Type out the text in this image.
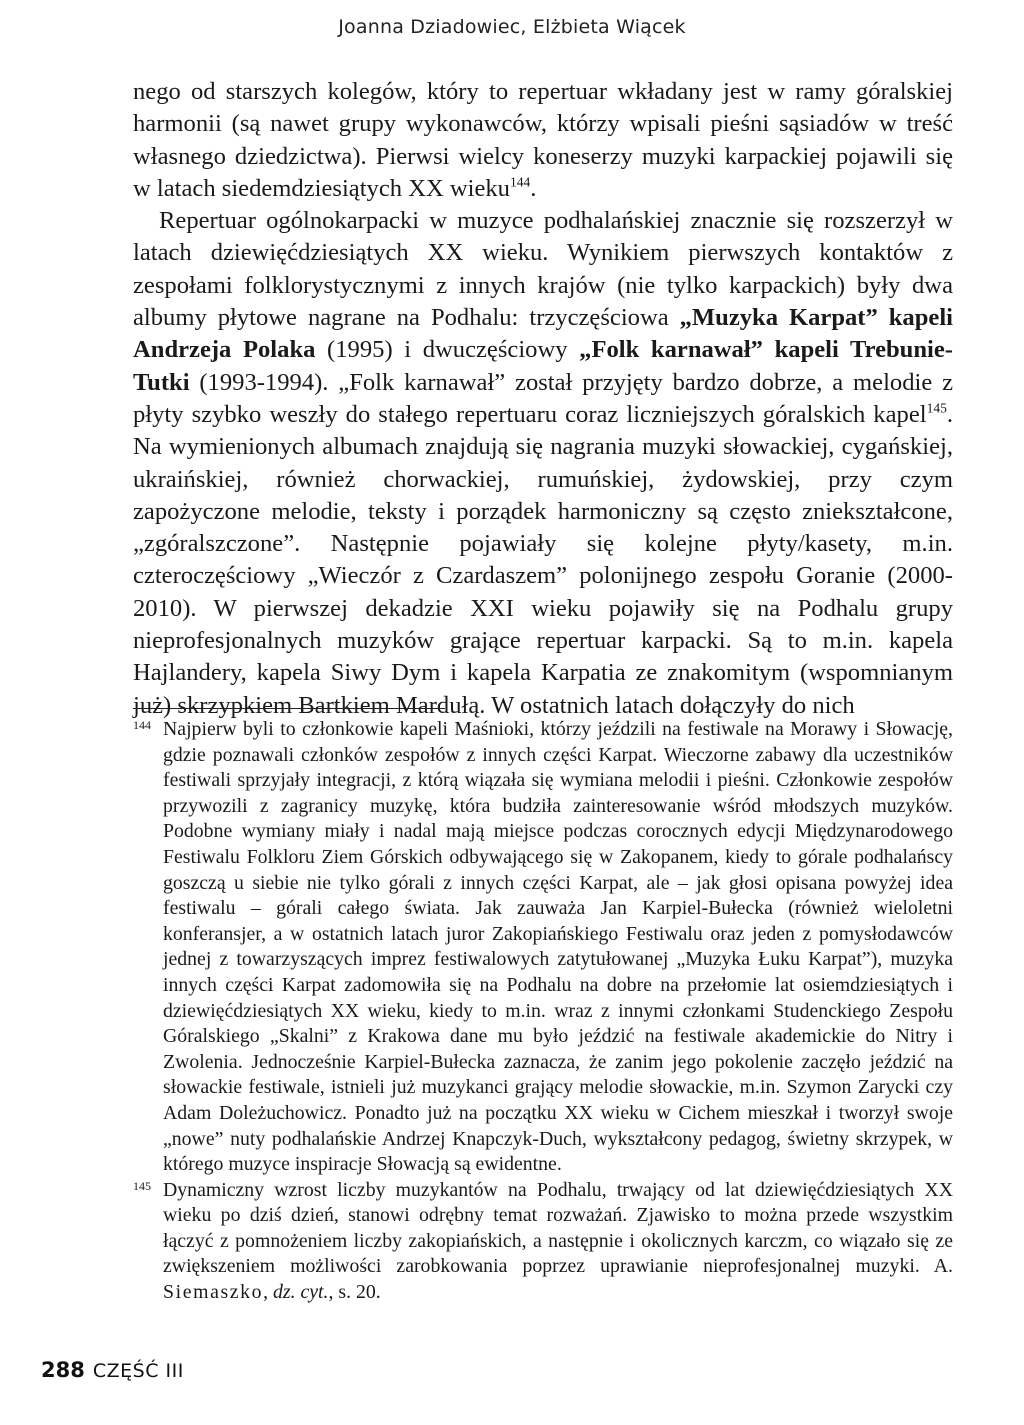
Joanna Dziadowiec, Elżbieta Wiącek

nego od starszych kolegów, który to repertuar wkładany jest w ramy góralskiej harmonii (są nawet grupy wykonawców, którzy wpisali pieśni sąsiadów w treść własnego dziedzictwa). Pierwsi wielcy koneserzy muzyki karpackiej pojawili się w latach siedemdziesiątych XX wieku$^{144}$.

Repertuar ogólnokarpacki w muzyce podhalańskiej znacznie się rozszerzył w latach dziewięćdziesiątych XX wieku. Wynikiem pierwszych kontaktów z zespołami folklorystycznymi z innych krajów (nie tylko karpackich) były dwa albumy płytowe nagrane na Podhalu: trzyczęściowa „Muzyka Karpat” kapeli Andrzeja Polaka (1995) i dwuczęściowy „Folk karnawał” kapeli Trebunie-Tutki (1993-1994). „Folk karnawał” został przyjęty bardzo dobrze, a melodie z płyty szybko weszły do stałego repertuaru coraz liczniejszych góralskich kapel$^{145}$. Na wymienionych albumach znajdują się nagrania muzyki słowackiej, cygańskiej, ukraińskiej, również chorwackiej, rumuńskiej, żydowskiej, przy czym zapożyczone melodie, teksty i porządek harmoniczny są często zniekształcone, „zgóralszczone”. Następnie pojawiały się kolejne płyty/kasety, m.in. czteroczęściowy „Wieczór z Czardaszem” polonijnego zespołu Goranie (2000-2010). W pierwszej dekadzie XXI wieku pojawiły się na Podhalu grupy nieprofesjonalnych muzyków grające repertuar karpacki. Są to m.in. kapela Hajlandery, kapela Siwy Dym i kapela Karpatia ze znakomitym (wspomnianym już) skrzypkiem Bartkiem Mardułą. W ostatnich latach dołączyły do nich

144 Najpierw byli to członkowie kapeli Maśnioki, którzy jeździli na festiwale na Morawy i Słowację, gdzie poznawali członków zespołów z innych części Karpat. Wieczorne zabawy dla uczestników festiwali sprzyjały integracji, z którą wiązała się wymiana melodii i pieśni. Członkowie zespołów przywozili z zagranicy muzykę, która budziła zainteresowanie wśród młodszych muzyków. Podobne wymiany miały i nadal mają miejsce podczas corocznych edycji Międzynarodowego Festiwalu Folkloru Ziem Górskich odbywającego się w Zakopanem, kiedy to górale podhalańscy goszczą u siebie nie tylko górali z innych części Karpat, ale – jak głosi opisana powyżej idea festiwalu – górali całego świata. Jak zauważa Jan Karpiel-Bułecka (również wieloletni konferansjer, a w ostatnich latach juror Zakopiańskiego Festiwalu oraz jeden z pomysłodawców jednej z towarzyszących imprez festiwalowych zatytułowanej „Muzyka Łuku Karpat”), muzyka innych części Karpat zadomowiła się na Podhalu na dobre na przełomie lat osiemdziesiątych i dziewięćdziesiątych XX wieku, kiedy to m.in. wraz z innymi członkami Studenckiego Zespołu Góralskiego „Skalni” z Krakowa dane mu było jeździć na festiwale akademickie do Nitry i Zwolenia. Jednocześnie Karpiel-Bułecka zaznacza, że zanim jego pokolenie zaczęło jeździć na słowackie festiwale, istnieli już muzykanci grający melodie słowackie, m.in. Szymon Zarycki czy Adam Doleżuchowicz. Ponadto już na początku XX wieku w Cichem mieszkał i tworzył swoje „nowe” nuty podhalańskie Andrzej Knapczyk-Duch, wykształcony pedagog, świetny skrzypek, w którego muzyce inspiracje Słowacją są ewidentne.
145 Dynamiczny wzrost liczby muzykantów na Podhalu, trwający od lat dziewięćdziesiątych XX wieku po dziś dzień, stanowi odrębny temat rozważań. Zjawisko to można przede wszystkim łączyć z pomnożeniem liczby zakopiańskich, a następnie i okolicznych karczm, co wiązało się ze zwiększeniem możliwości zarobkowania poprzez uprawianie nieprofesjonalnej muzyki. A. Siemaszko, dz. cyt., s. 20.
288 CZĘŚĆ III
